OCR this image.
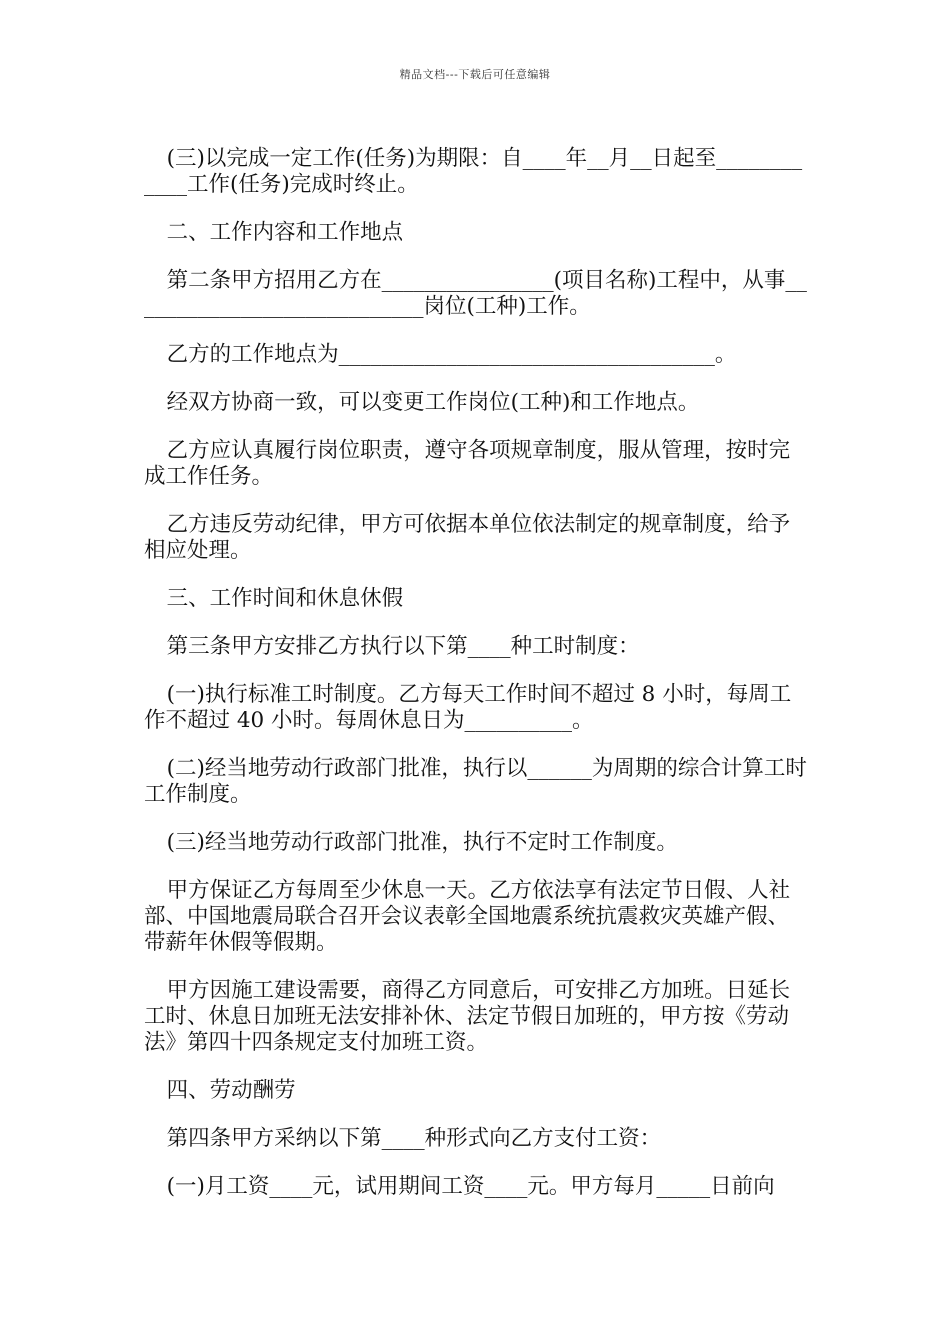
精品文档---下载后可任意编辑

(三)以完成一定工作(任务)为期限：自____年__月__日起至____________工作(任务)完成时终止。

二、工作内容和工作地点

第二条甲方招用乙方在________________(项目名称)工程中，从事____________________________岗位(工种)工作。

乙方的工作地点为___________________________________。

经双方协商一致，可以变更工作岗位(工种)和工作地点。

乙方应认真履行岗位职责，遵守各项规章制度，服从管理，按时完成工作任务。

乙方违反劳动纪律，甲方可依据本单位依法制定的规章制度，给予相应处理。

三、工作时间和休息休假

第三条甲方安排乙方执行以下第____种工时制度：

(一)执行标准工时制度。乙方每天工作时间不超过 8 小时，每周工作不超过 40 小时。每周休息日为__________。

(二)经当地劳动行政部门批准，执行以______为周期的综合计算工时工作制度。

(三)经当地劳动行政部门批准，执行不定时工作制度。

甲方保证乙方每周至少休息一天。乙方依法享有法定节日假、人社部、中国地震局联合召开会议表彰全国地震系统抗震救灾英雄产假、带薪年休假等假期。

甲方因施工建设需要，商得乙方同意后，可安排乙方加班。日延长工时、休息日加班无法安排补休、法定节假日加班的，甲方按《劳动法》第四十四条规定支付加班工资。

四、劳动酬劳

第四条甲方采纳以下第____种形式向乙方支付工资：

(一)月工资____元，试用期间工资____元。甲方每月_____日前向
